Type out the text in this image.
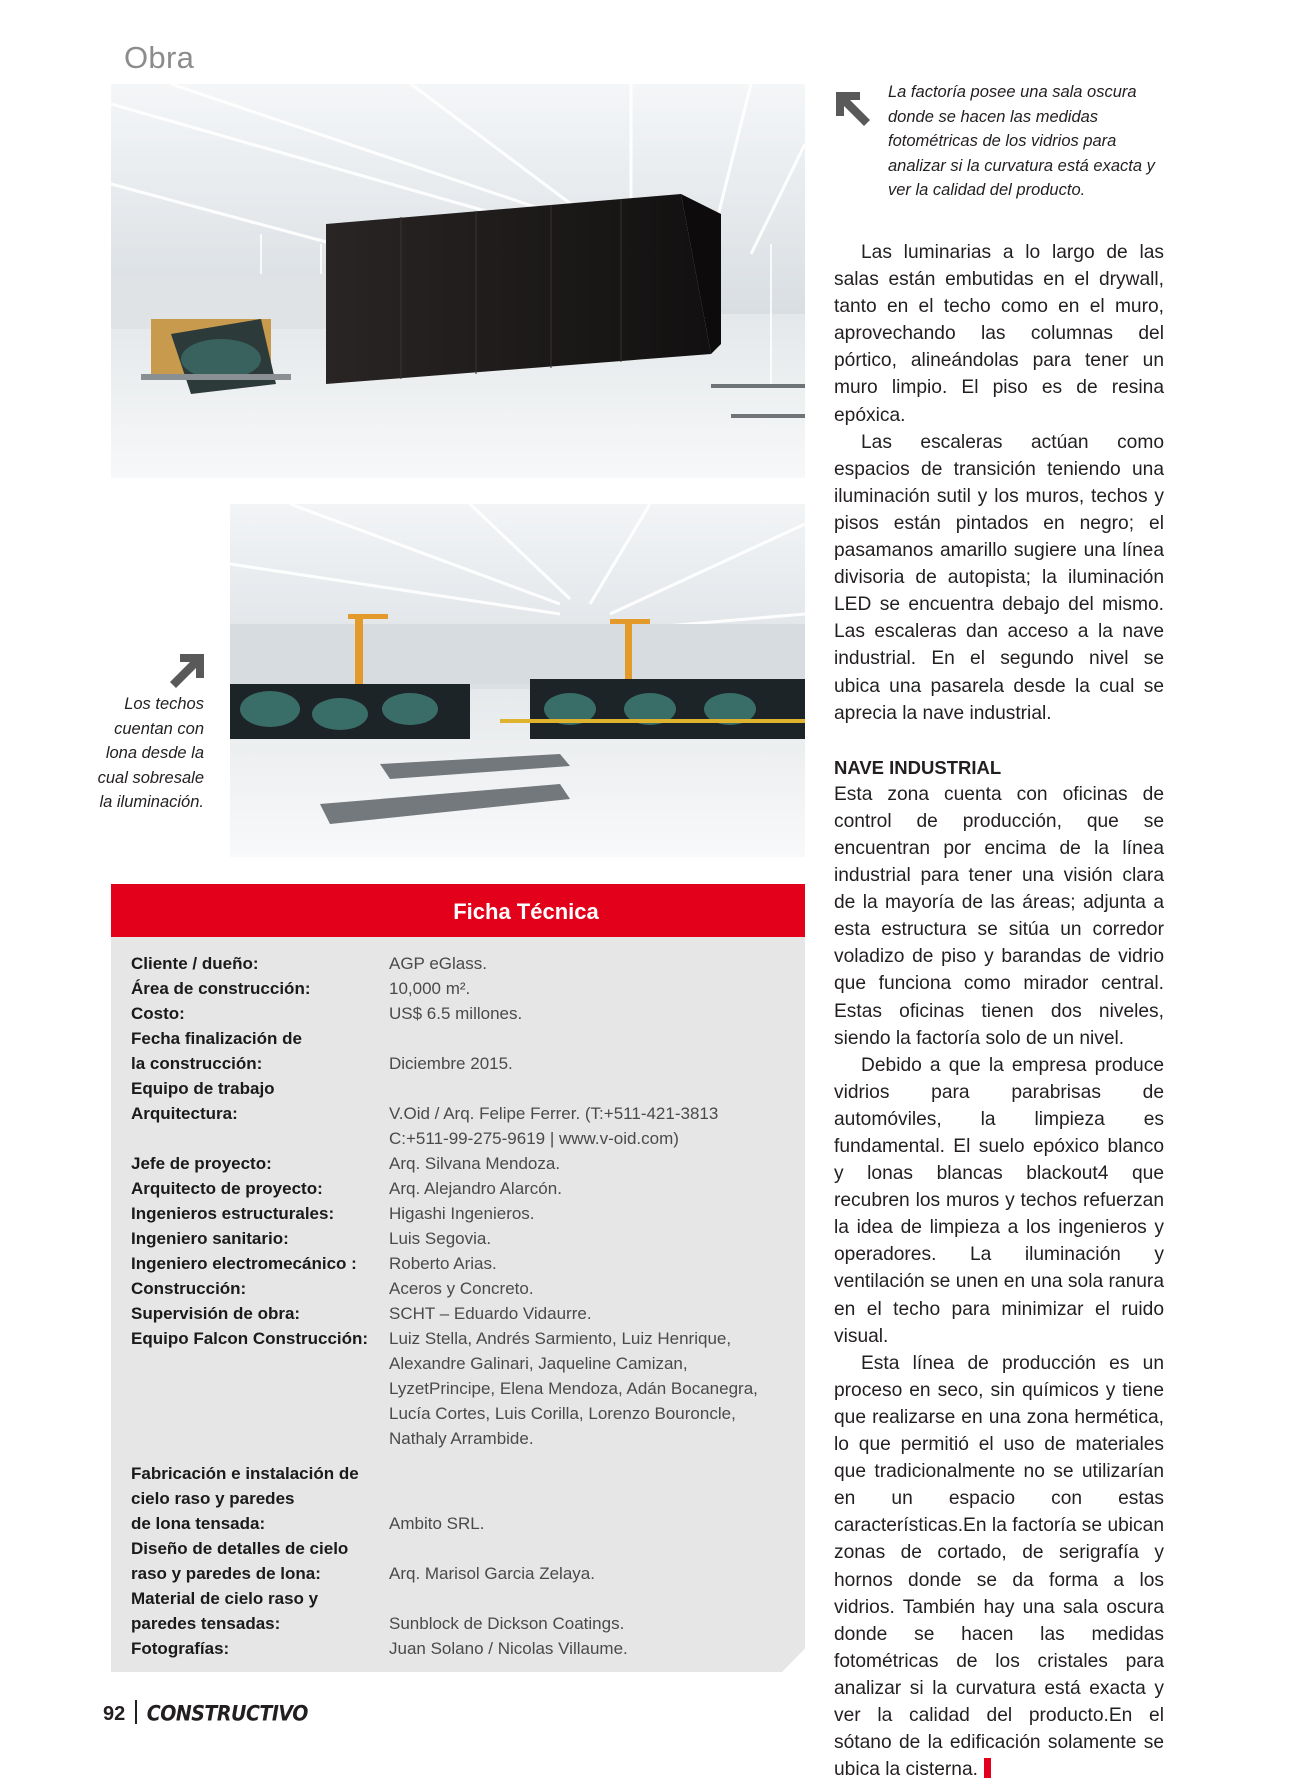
Obra
La factoría posee una sala oscura donde se hacen las medidas fotométricas de los vidrios para analizar si la curvatura está exacta y ver la calidad del producto.
Los techos cuentan con lona desde la cual sobresale la iluminación.

Las luminarias a lo largo de las salas están embutidas en el drywall, tanto en el techo como en el muro, aprovechando las columnas del pórtico, alineándolas para tener un muro limpio. El piso es de resina epóxica.

Las escaleras actúan como espacios de transición teniendo una iluminación sutil y los muros, techos y pisos están pintados en negro; el pasamanos amarillo sugiere una línea divisoria de autopista; la iluminación LED se encuentra debajo del mismo. Las escaleras dan acceso a la nave industrial. En el segundo nivel se ubica una pasarela desde la cual se aprecia la nave industrial.

NAVE INDUSTRIAL

Esta zona cuenta con oficinas de control de producción, que se encuentran por encima de la línea industrial para tener una visión clara de la mayoría de las áreas; adjunta a esta estructura se sitúa un corredor voladizo de piso y barandas de vidrio que funciona como mirador central. Estas oficinas tienen dos niveles, siendo la factoría solo de un nivel.

Debido a que la empresa produce vidrios para parabrisas de automóviles, la limpieza es fundamental. El suelo epóxico blanco y lonas blancas blackout4 que recubren los muros y techos refuerzan la idea de limpieza a los ingenieros y operadores. La iluminación y ventilación se unen en una sola ranura en el techo para minimizar el ruido visual.

Esta línea de producción es un proceso en seco, sin químicos y tiene que realizarse en una zona hermética, lo que permitió el uso de materiales que tradicionalmente no se utilizarían en un espacio con estas características.En la factoría se ubican zonas de cortado, de serigrafía y hornos donde se da forma a los vidrios. También hay una sala oscura donde se hacen las medidas fotométricas de los cristales para analizar si la curvatura está exacta y ver la calidad del producto.En el sótano de la edificación solamente se ubica la cisterna.

Ficha Técnica
Cliente / dueño:	AGP eGlass.
Área de construcción:	10,000 m².
Costo:	US$ 6.5 millones.
Fecha finalización de	
la construcción:	Diciembre 2015.
Equipo de trabajo	
Arquitectura:	V.Oid / Arq. Felipe Ferrer. (T:+511-421-3813
	C:+511-99-275-9619 | www.v-oid.com)
Jefe de proyecto:	Arq. Silvana Mendoza.
Arquitecto de proyecto:	Arq. Alejandro Alarcón.
Ingenieros estructurales:	Higashi Ingenieros.
Ingeniero sanitario:	Luis Segovia.
Ingeniero electromecánico :	Roberto Arias.
Construcción:	Aceros y Concreto.
Supervisión de obra:	SCHT – Eduardo Vidaurre.
Equipo Falcon Construcción:	Luiz Stella, Andrés Sarmiento, Luiz Henrique,
	Alexandre Galinari, Jaqueline Camizan,
	LyzetPrincipe, Elena Mendoza, Adán Bocanegra,
	Lucía Cortes, Luis Corilla, Lorenzo Bouroncle,
	Nathaly Arrambide.
Fabricación e instalación de	
cielo raso y paredes	
de lona tensada:	Ambito SRL.
Diseño de detalles de cielo	
raso y paredes de lona:	Arq. Marisol Garcia Zelaya.
Material de cielo raso y	
paredes tensadas:	Sunblock de Dickson Coatings.
Fotografías:	Juan Solano / Nicolas Villaume.
92 CONSTRUCTIVO
